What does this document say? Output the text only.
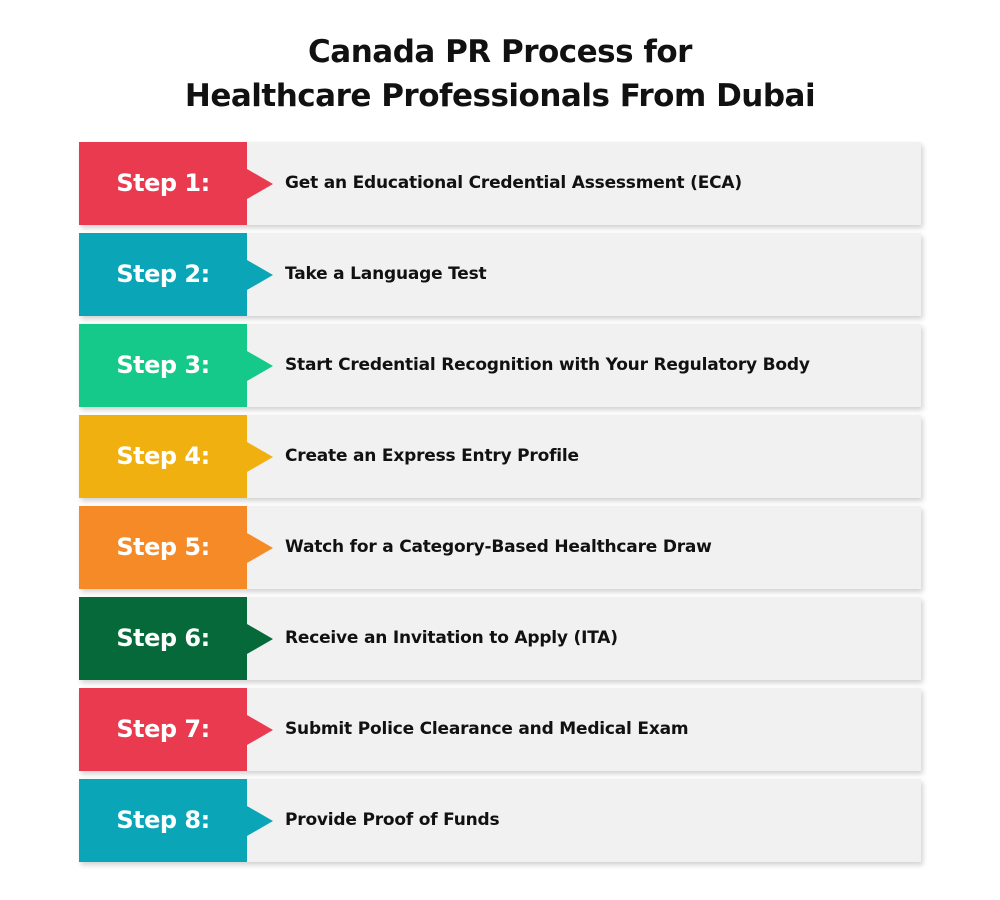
Canada PR Process for
Healthcare Professionals From Dubai
Step 1:	Get an Educational Credential Assessment (ECA)
Step 2:	Take a Language Test
Step 3:	Start Credential Recognition with Your Regulatory Body
Step 4:	Create an Express Entry Profile
Step 5:	Watch for a Category-Based Healthcare Draw
Step 6:	Receive an Invitation to Apply (ITA)
Step 7:	Submit Police Clearance and Medical Exam
Step 8:	Provide Proof of Funds
